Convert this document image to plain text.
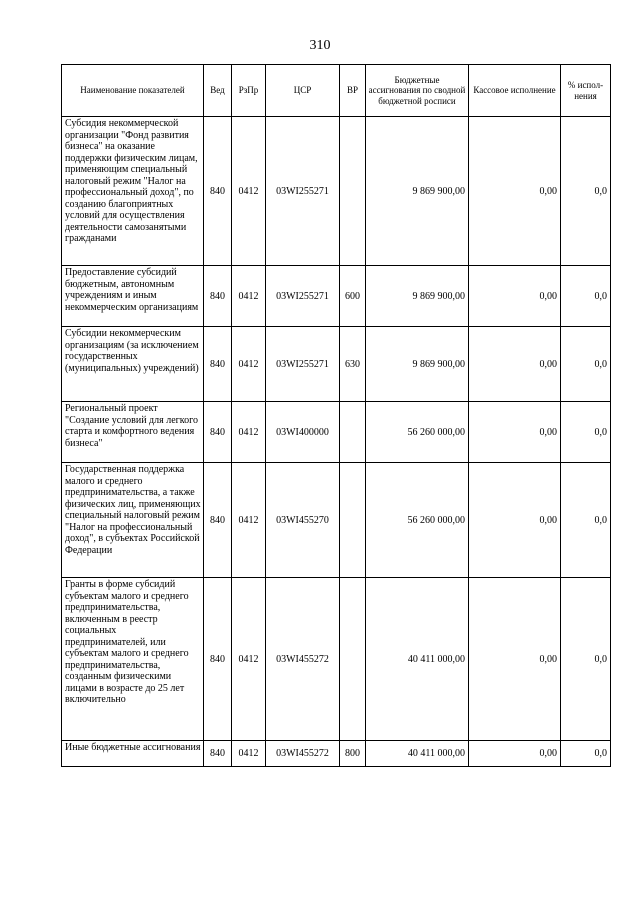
310
Наименование показателей	Вед	РзПр	ЦСР	ВР	Бюджетные ассигнования по сводной бюджетной росписи	Кассовое исполнение	% испол-нения
Субсидия некоммерческой организации "Фонд развития бизнеса" на оказание поддержки физическим лицам, применяющим специальный налоговый режим "Налог на профессиональный доход", по созданию благоприятных условий для осуществления деятельности самозанятыми гражданами	840	0412	03WI255271		9 869 900,00	0,00	0,0
Предоставление субсидий бюджетным, автономным учреждениям и иным некоммерческим организациям	840	0412	03WI255271	600	9 869 900,00	0,00	0,0
Субсидии некоммерческим организациям (за исключением государственных (муниципальных) учреждений)	840	0412	03WI255271	630	9 869 900,00	0,00	0,0
Региональный проект "Создание условий для легкого старта и комфортного ведения бизнеса"	840	0412	03WI400000		56 260 000,00	0,00	0,0
Государственная поддержка малого и среднего предпринимательства, а также физических лиц, применяющих специальный налоговый режим "Налог на профессиональный доход", в субъектах Российской Федерации	840	0412	03WI455270		56 260 000,00	0,00	0,0
Гранты в форме субсидий субъектам малого и среднего предпринимательства, включенным в реестр социальных предпринимателей, или субъектам малого и среднего предпринимательства, созданным физическими лицами в возрасте до 25 лет включительно	840	0412	03WI455272		40 411 000,00	0,00	0,0
Иные бюджетные ассигнования	840	0412	03WI455272	800	40 411 000,00	0,00	0,0
